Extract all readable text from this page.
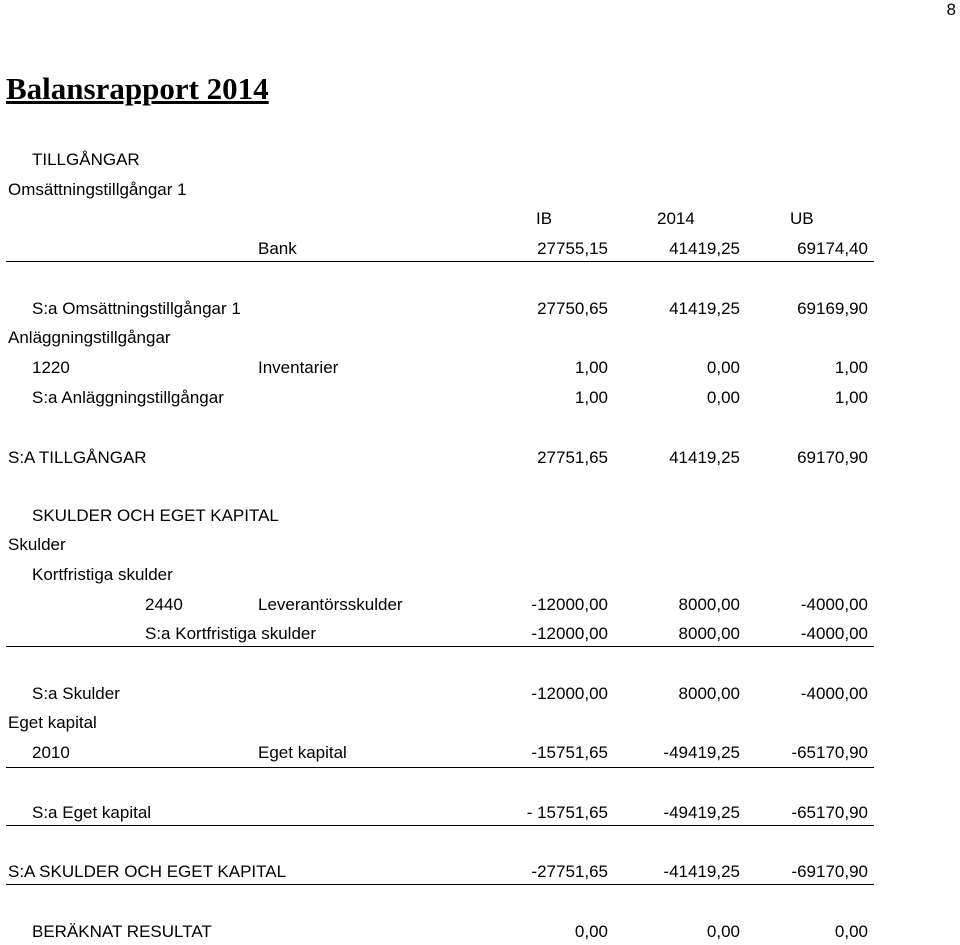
8
Balansrapport 2014
TILLGÅNGAR
Omsättningstillgångar 1
IB	2014	UB
Bank	27755,15	41419,25	69174,40
S:a Omsättningstillgångar 1	27750,65	41419,25	69169,90
Anläggningstillgångar
1220	Inventarier	1,00	0,00	1,00
S:a Anläggningstillgångar	1,00	0,00	1,00
S:A TILLGÅNGAR	27751,65	41419,25	69170,90
SKULDER OCH EGET KAPITAL
Skulder
Kortfristiga skulder
2440	Leverantörsskulder	-12000,00	8000,00	-4000,00
S:a Kortfristiga skulder	-12000,00	8000,00	-4000,00
S:a Skulder	-12000,00	8000,00	-4000,00
Eget kapital
2010	Eget kapital	-15751,65	-49419,25	-65170,90
S:a Eget kapital	- 15751,65	-49419,25	-65170,90
S:A SKULDER OCH EGET KAPITAL	-27751,65	-41419,25	-69170,90
BERÄKNAT RESULTAT	0,00	0,00	0,00
